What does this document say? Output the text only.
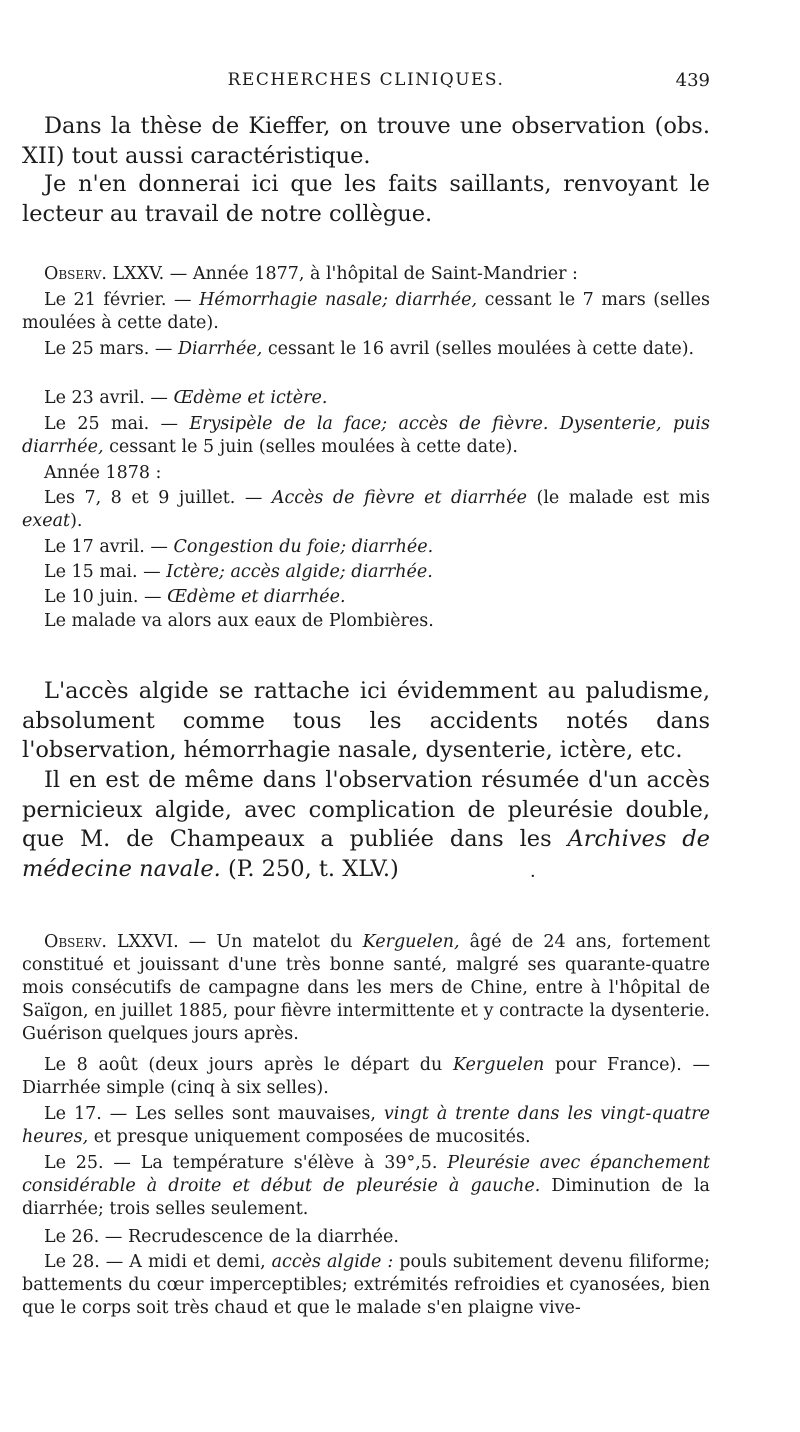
RECHERCHES CLINIQUES.	439

Dans la thèse de Kieffer, on trouve une observation (obs. XII) tout aussi caractéristique.

Je n'en donnerai ici que les faits saillants, renvoyant le lecteur au travail de notre collègue.

Observ. LXXV. — Année 1877, à l'hôpital de Saint-Mandrier :

Le 21 février. — Hémorrhagie nasale; diarrhée, cessant le 7 mars (selles moulées à cette date).

Le 25 mars. — Diarrhée, cessant le 16 avril (selles moulées à cette date).

Le 23 avril. — Œdème et ictère.

Le 25 mai. — Erysipèle de la face; accès de fièvre. Dysenterie, puis diarrhée, cessant le 5 juin (selles moulées à cette date).

Année 1878 :

Les 7, 8 et 9 juillet. — Accès de fièvre et diarrhée (le malade est mis exeat).

Le 17 avril. — Congestion du foie; diarrhée.

Le 15 mai. — Ictère; accès algide; diarrhée.

Le 10 juin. — Œdème et diarrhée.

Le malade va alors aux eaux de Plombières.

L'accès algide se rattache ici évidemment au paludisme, absolument comme tous les accidents notés dans l'observation, hémorrhagie nasale, dysenterie, ictère, etc.

Il en est de même dans l'observation résumée d'un accès pernicieux algide, avec complication de pleurésie double, que M. de Champeaux a publiée dans les Archives de médecine navale. (P. 250, t. XLV.)	·

Observ. LXXVI. — Un matelot du Kerguelen, âgé de 24 ans, fortement constitué et jouissant d'une très bonne santé, malgré ses quarante-quatre mois consécutifs de campagne dans les mers de Chine, entre à l'hôpital de Saïgon, en juillet 1885, pour fièvre intermittente et y contracte la dysenterie. Guérison quelques jours après.

Le 8 août (deux jours après le départ du Kerguelen pour France). — Diarrhée simple (cinq à six selles).

Le 17. — Les selles sont mauvaises, vingt à trente dans les vingt-quatre heures, et presque uniquement composées de mucosités.

Le 25. — La température s'élève à 39°,5. Pleurésie avec épanchement considérable à droite et début de pleurésie à gauche. Diminution de la diarrhée; trois selles seulement.

Le 26. — Recrudescence de la diarrhée.

Le 28. — A midi et demi, accès algide : pouls subitement devenu filiforme; battements du cœur imperceptibles; extrémités refroidies et cyanosées, bien que le corps soit très chaud et que le malade s'en plaigne vive-
